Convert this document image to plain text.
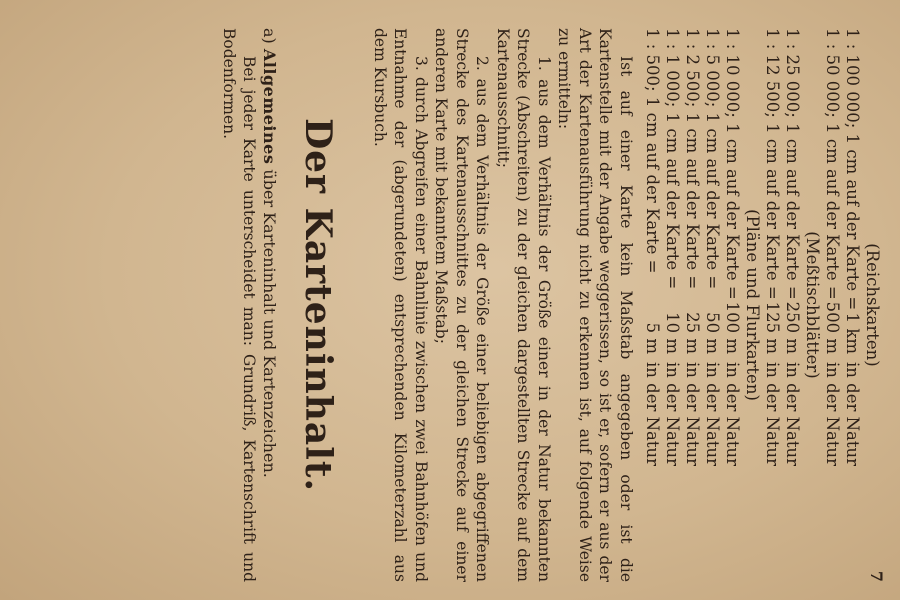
(Reichskarten)
1 : 100 000; 1 cm auf der Karte =
1 km
in der Natur
1 : 50 000; 1 cm auf der Karte =
500 m
in der Natur
(Meßtischblätter)
1 : 25 000; 1 cm auf der Karte =
250 m
in der Natur
1 : 12 500; 1 cm auf der Karte =
125 m
in der Natur
(Pläne und Flurkarten)
1 : 10 000; 1 cm auf der Karte =
100 m
in der Natur
1 : 5 000; 1 cm auf der Karte =
50 m
in der Natur
1 : 2 500; 1 cm auf der Karte =
25 m
in der Natur
1 : 1 000; 1 cm auf der Karte =
10 m
in der Natur
1 : 500; 1 cm auf der Karte =
5 m
in der Natur

Ist auf einer Karte kein Maßstab angegeben oder ist die Kartenstelle mit der Angabe weggerissen, so ist er, sofern er aus der Art der Kartenausführung nicht zu erkennen ist, auf folgende Weise zu ermitteln:

1. aus dem Verhältnis der Größe einer in der Natur bekannten Strecke (Abschreiten) zu der gleichen dargestellten Strecke auf dem Kartenausschnitt;

2. aus dem Verhältnis der Größe einer beliebigen abgegriffenen Strecke des Kartenausschnittes zu der gleichen Strecke auf einer anderen Karte mit bekanntem Maßstab;

3. durch Abgreifen einer Bahnlinie zwischen zwei Bahnhöfen und Entnahme der (abgerundeten) entsprechenden Kilometerzahl aus dem Kursbuch.

Der Karteninhalt.
a) Allgemeines über Karteninhalt und Kartenzeichen.

Bei jeder Karte unterscheidet man: Grundriß, Kartenschrift und Bodenformen.

7
